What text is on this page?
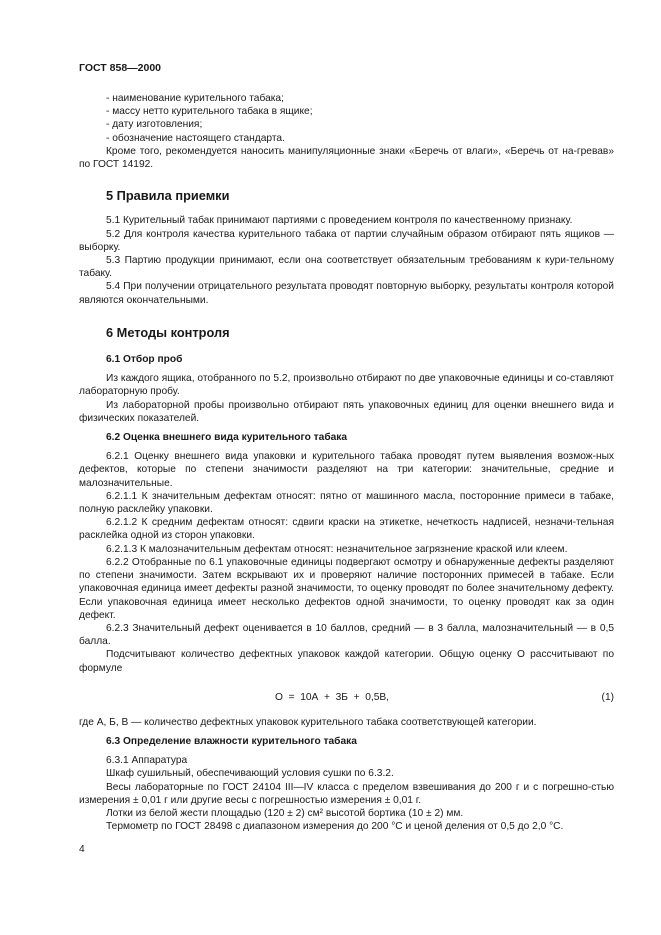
ГОСТ 858—2000

- наименование курительного табака;

- массу нетто курительного табака в ящике;

- дату изготовления;

- обозначение настоящего стандарта.

Кроме того, рекомендуется наносить манипуляционные знаки «Беречь от влаги», «Беречь от на-гревав» по ГОСТ 14192.

5 Правила приемки

5.1 Курительный табак принимают партиями с проведением контроля по качественному признаку.

5.2 Для контроля качества курительного табака от партии случайным образом отбирают пять ящиков — выборку.

5.3 Партию продукции принимают, если она соответствует обязательным требованиям к кури-тельному табаку.

5.4 При получении отрицательного результата проводят повторную выборку, результаты контроля которой являются окончательными.

6 Методы контроля

6.1 Отбор проб

Из каждого ящика, отобранного по 5.2, произвольно отбирают по две упаковочные единицы и со-ставляют лабораторную пробу.

Из лабораторной пробы произвольно отбирают пять упаковочных единиц для оценки внешнего вида и физических показателей.

6.2 Оценка внешнего вида курительного табака

6.2.1 Оценку внешнего вида упаковки и курительного табака проводят путем выявления возмож-ных дефектов, которые по степени значимости разделяют на три категории: значительные, средние и малозначительные.

6.2.1.1 К значительным дефектам относят: пятно от машинного масла, посторонние примеси в табаке, полную расклейку упаковки.

6.2.1.2 К средним дефектам относят: сдвиги краски на этикетке, нечеткость надписей, незначи-тельная расклейка одной из сторон упаковки.

6.2.1.3 К малозначительным дефектам относят: незначительное загрязнение краской или клеем.

6.2.2 Отобранные по 6.1 упаковочные единицы подвергают осмотру и обнаруженные дефекты разделяют по степени значимости. Затем вскрывают их и проверяют наличие посторонних примесей в табаке. Если упаковочная единица имеет дефекты разной значимости, то оценку проводят по более значительному дефекту. Если упаковочная единица имеет несколько дефектов одной значимости, то оценку проводят как за один дефект.

6.2.3 Значительный дефект оценивается в 10 баллов, средний — в 3 балла, малозначительный — в 0,5 балла.

Подсчитывают количество дефектных упаковок каждой категории. Общую оценку О рассчитывают по формуле

О  =  10А  +  3Б  +  0,5В,	(1)

где А, Б, В — количество дефектных упаковок курительного табака соответствующей категории.

6.3 Определение влажности курительного табака

6.3.1 Аппаратура

Шкаф сушильный, обеспечивающий условия сушки по 6.3.2.

Весы лабораторные по ГОСТ 24104 III—IV класса с пределом взвешивания до 200 г и с погрешно-стью измерения ± 0,01 г или другие весы с погрешностью измерения ± 0,01 г.

Лотки из белой жести площадью (120 ± 2) см² высотой бортика (10 ± 2) мм.

Термометр по ГОСТ 28498 с диапазоном измерения до 200 °С и ценой деления от 0,5 до 2,0 °С.

4
